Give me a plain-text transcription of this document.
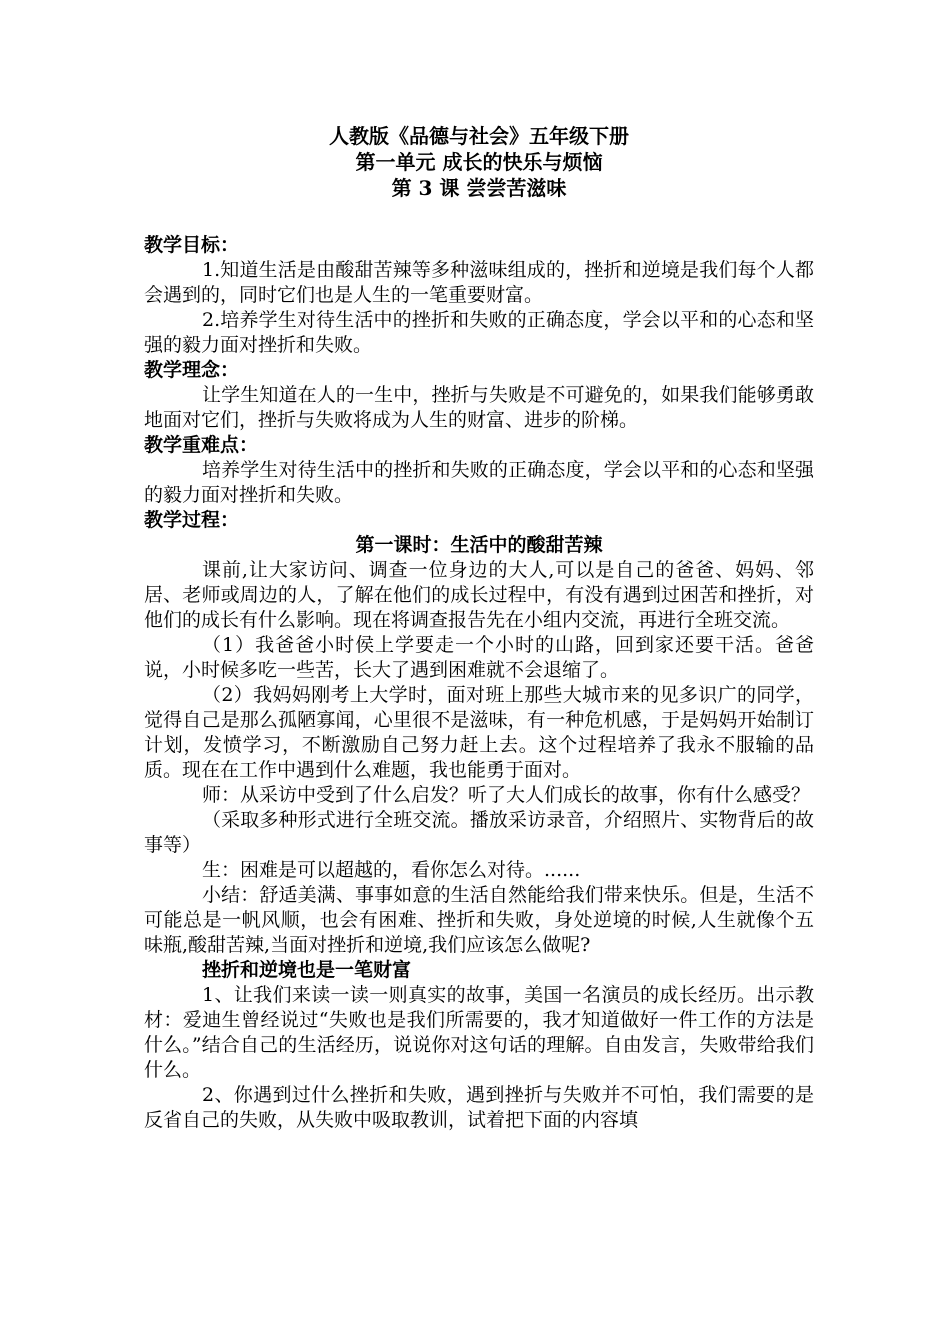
人教版《品德与社会》五年级下册

第一单元 成长的快乐与烦恼

第 3 课 尝尝苦滋味

教学目标：

1.知道生活是由酸甜苦辣等多种滋味组成的，挫折和逆境是我们每个人都会遇到的，同时它们也是人生的一笔重要财富。

2.培养学生对待生活中的挫折和失败的正确态度，学会以平和的心态和坚强的毅力面对挫折和失败。

教学理念：

让学生知道在人的一生中，挫折与失败是不可避免的，如果我们能够勇敢地面对它们，挫折与失败将成为人生的财富、进步的阶梯。

教学重难点：

培养学生对待生活中的挫折和失败的正确态度，学会以平和的心态和坚强的毅力面对挫折和失败。

教学过程：

第一课时：生活中的酸甜苦辣

课前,让大家访问、调查一位身边的大人,可以是自己的爸爸、妈妈、邻居、老师或周边的人，了解在他们的成长过程中，有没有遇到过困苦和挫折，对他们的成长有什么影响。现在将调查报告先在小组内交流，再进行全班交流。

（1）我爸爸小时侯上学要走一个小时的山路，回到家还要干活。爸爸说，小时候多吃一些苦，长大了遇到困难就不会退缩了。

（2）我妈妈刚考上大学时，面对班上那些大城市来的见多识广的同学，觉得自己是那么孤陋寡闻，心里很不是滋味，有一种危机感，于是妈妈开始制订计划，发愤学习，不断激励自己努力赶上去。这个过程培养了我永不服输的品质。现在在工作中遇到什么难题，我也能勇于面对。

师：从采访中受到了什么启发？听了大人们成长的故事，你有什么感受？

（采取多种形式进行全班交流。播放采访录音，介绍照片、实物背后的故事等）

生：困难是可以超越的，看你怎么对待。......

小结：舒适美满、事事如意的生活自然能给我们带来快乐。但是，生活不可能总是一帆风顺，也会有困难、挫折和失败，身处逆境的时候,人生就像个五味瓶,酸甜苦辣,当面对挫折和逆境,我们应该怎么做呢?

挫折和逆境也是一笔财富

1、让我们来读一读一则真实的故事，美国一名演员的成长经历。出示教材：爱迪生曾经说过“失败也是我们所需要的，我才知道做好一件工作的方法是什么。”结合自己的生活经历，说说你对这句话的理解。自由发言，失败带给我们什么。

2、你遇到过什么挫折和失败，遇到挫折与失败并不可怕，我们需要的是反省自己的失败，从失败中吸取教训，试着把下面的内容填
